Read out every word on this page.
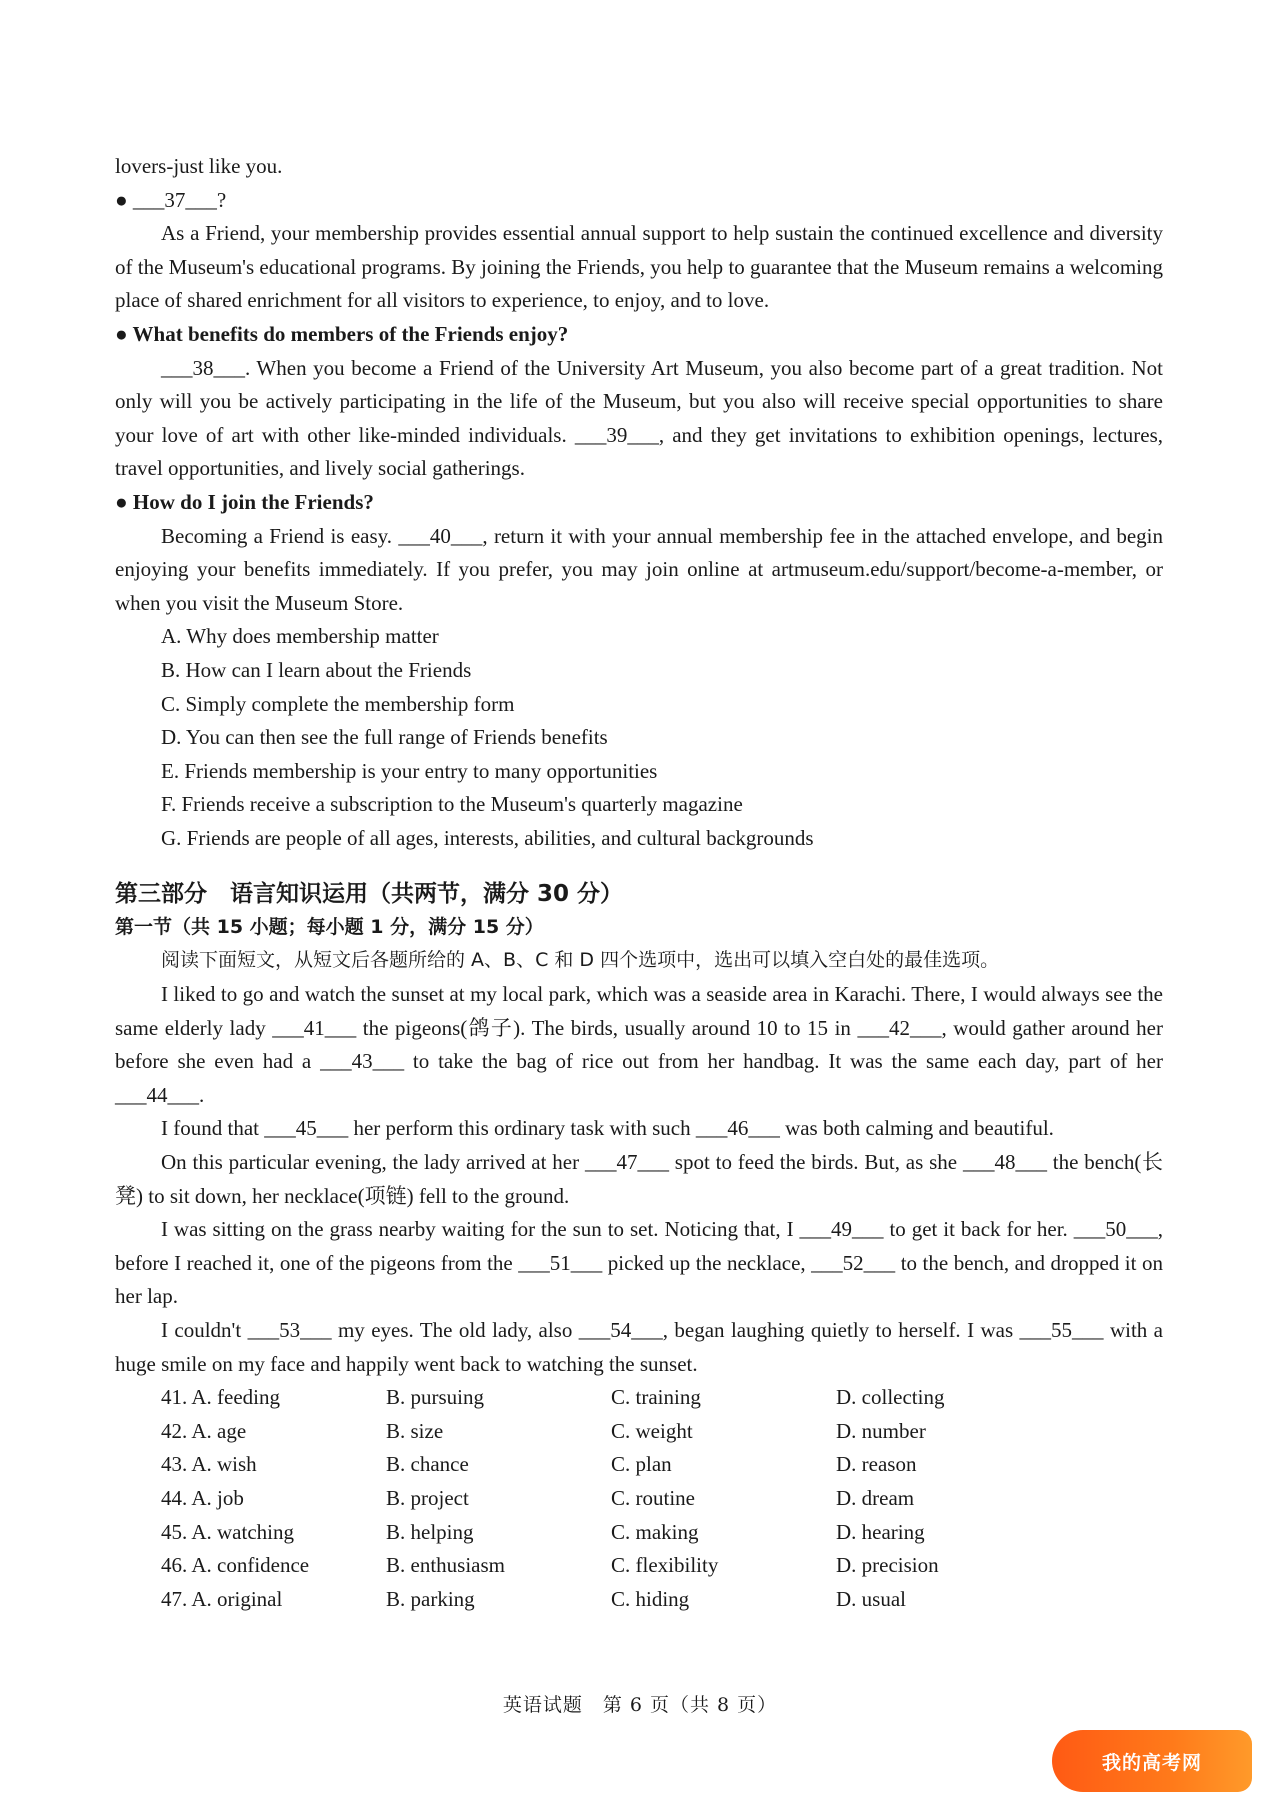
lovers-just like you.
● ___37___?
As a Friend, your membership provides essential annual support to help sustain the continued excellence and diversity of the Museum's educational programs. By joining the Friends, you help to guarantee that the Museum remains a welcoming place of shared enrichment for all visitors to experience, to enjoy, and to love.
● What benefits do members of the Friends enjoy?
___38___. When you become a Friend of the University Art Museum, you also become part of a great tradition. Not only will you be actively participating in the life of the Museum, but you also will receive special opportunities to share your love of art with other like-minded individuals. ___39___, and they get invitations to exhibition openings, lectures, travel opportunities, and lively social gatherings.
● How do I join the Friends?
Becoming a Friend is easy. ___40___, return it with your annual membership fee in the attached envelope, and begin enjoying your benefits immediately. If you prefer, you may join online at artmuseum.edu/support/become-a-member, or when you visit the Museum Store.
A. Why does membership matter
B. How can I learn about the Friends
C. Simply complete the membership form
D. You can then see the full range of Friends benefits
E. Friends membership is your entry to many opportunities
F. Friends receive a subscription to the Museum's quarterly magazine
G. Friends are people of all ages, interests, abilities, and cultural backgrounds
第三部分　语言知识运用（共两节，满分 30 分）
第一节（共 15 小题；每小题 1 分，满分 15 分）
阅读下面短文，从短文后各题所给的 A、B、C 和 D 四个选项中，选出可以填入空白处的最佳选项。
I liked to go and watch the sunset at my local park, which was a seaside area in Karachi. There, I would always see the same elderly lady ___41___ the pigeons(鸽子). The birds, usually around 10 to 15 in ___42___, would gather around her before she even had a ___43___ to take the bag of rice out from her handbag. It was the same each day, part of her ___44___.
I found that ___45___ her perform this ordinary task with such ___46___ was both calming and beautiful.
On this particular evening, the lady arrived at her ___47___ spot to feed the birds. But, as she ___48___ the bench(长凳) to sit down, her necklace(项链) fell to the ground.
I was sitting on the grass nearby waiting for the sun to set. Noticing that, I ___49___ to get it back for her. ___50___, before I reached it, one of the pigeons from the ___51___ picked up the necklace, ___52___ to the bench, and dropped it on her lap.
I couldn't ___53___ my eyes. The old lady, also ___54___, began laughing quietly to herself. I was ___55___ with a huge smile on my face and happily went back to watching the sunset.
41. A. feeding	B. pursuing	C. training	D. collecting
42. A. age	B. size	C. weight	D. number
43. A. wish	B. chance	C. plan	D. reason
44. A. job	B. project	C. routine	D. dream
45. A. watching	B. helping	C. making	D. hearing
46. A. confidence	B. enthusiasm	C. flexibility	D. precision
47. A. original	B. parking	C. hiding	D. usual
英语试题　第 6 页（共 8 页）
我的高考网
